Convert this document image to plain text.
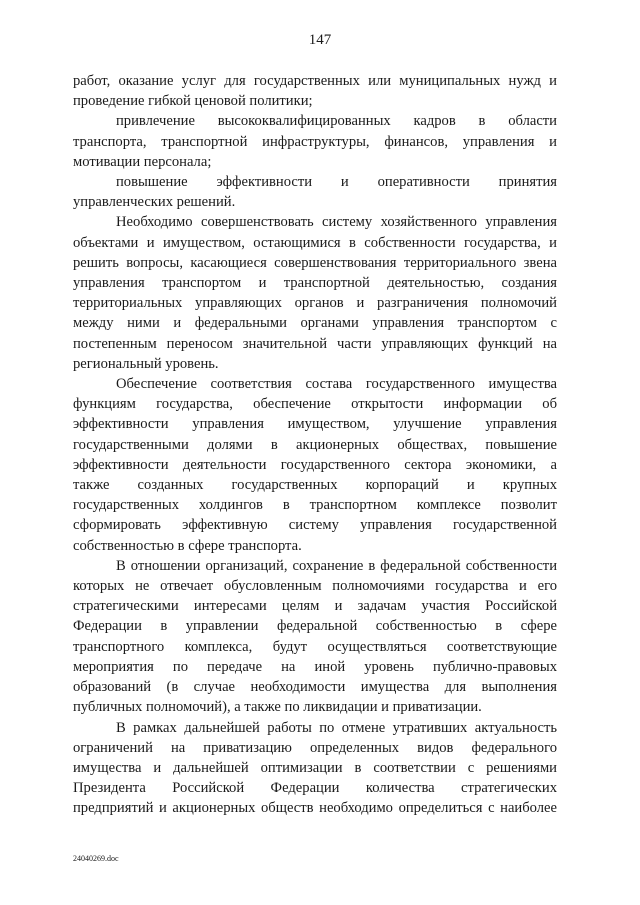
147
работ, оказание услуг для государственных или муниципальных нужд и
проведение гибкой ценовой политики;
привлечение высококвалифицированных кадров в области
транспорта, транспортной инфраструктуры, финансов, управления и
мотивации персонала;
повышение эффективности и оперативности принятия
управленческих решений.
Необходимо совершенствовать систему хозяйственного управления
объектами и имуществом, остающимися в собственности государства, и
решить вопросы, касающиеся совершенствования территориального звена
управления транспортом и транспортной деятельностью, создания
территориальных управляющих органов и разграничения полномочий
между ними и федеральными органами управления транспортом с
постепенным переносом значительной части управляющих функций на
региональный уровень.
Обеспечение соответствия состава государственного имущества
функциям государства, обеспечение открытости информации об
эффективности управления имуществом, улучшение управления
государственными долями в акционерных обществах, повышение
эффективности деятельности государственного сектора экономики, а
также созданных государственных корпораций и крупных
государственных холдингов в транспортном комплексе позволит
сформировать эффективную систему управления государственной
собственностью в сфере транспорта.
В отношении организаций, сохранение в федеральной собственности
которых не отвечает обусловленным полномочиями государства и его
стратегическими интересами целям и задачам участия Российской
Федерации в управлении федеральной собственностью в сфере
транспортного комплекса, будут осуществляться соответствующие
мероприятия по передаче на иной уровень публично-правовых
образований (в случае необходимости имущества для выполнения
публичных полномочий), а также по ликвидации и приватизации.
В рамках дальнейшей работы по отмене утративших актуальность
ограничений на приватизацию определенных видов федерального
имущества и дальнейшей оптимизации в соответствии с решениями
Президента Российской Федерации количества стратегических
предприятий и акционерных обществ необходимо определиться с наиболее
24040269.doc
